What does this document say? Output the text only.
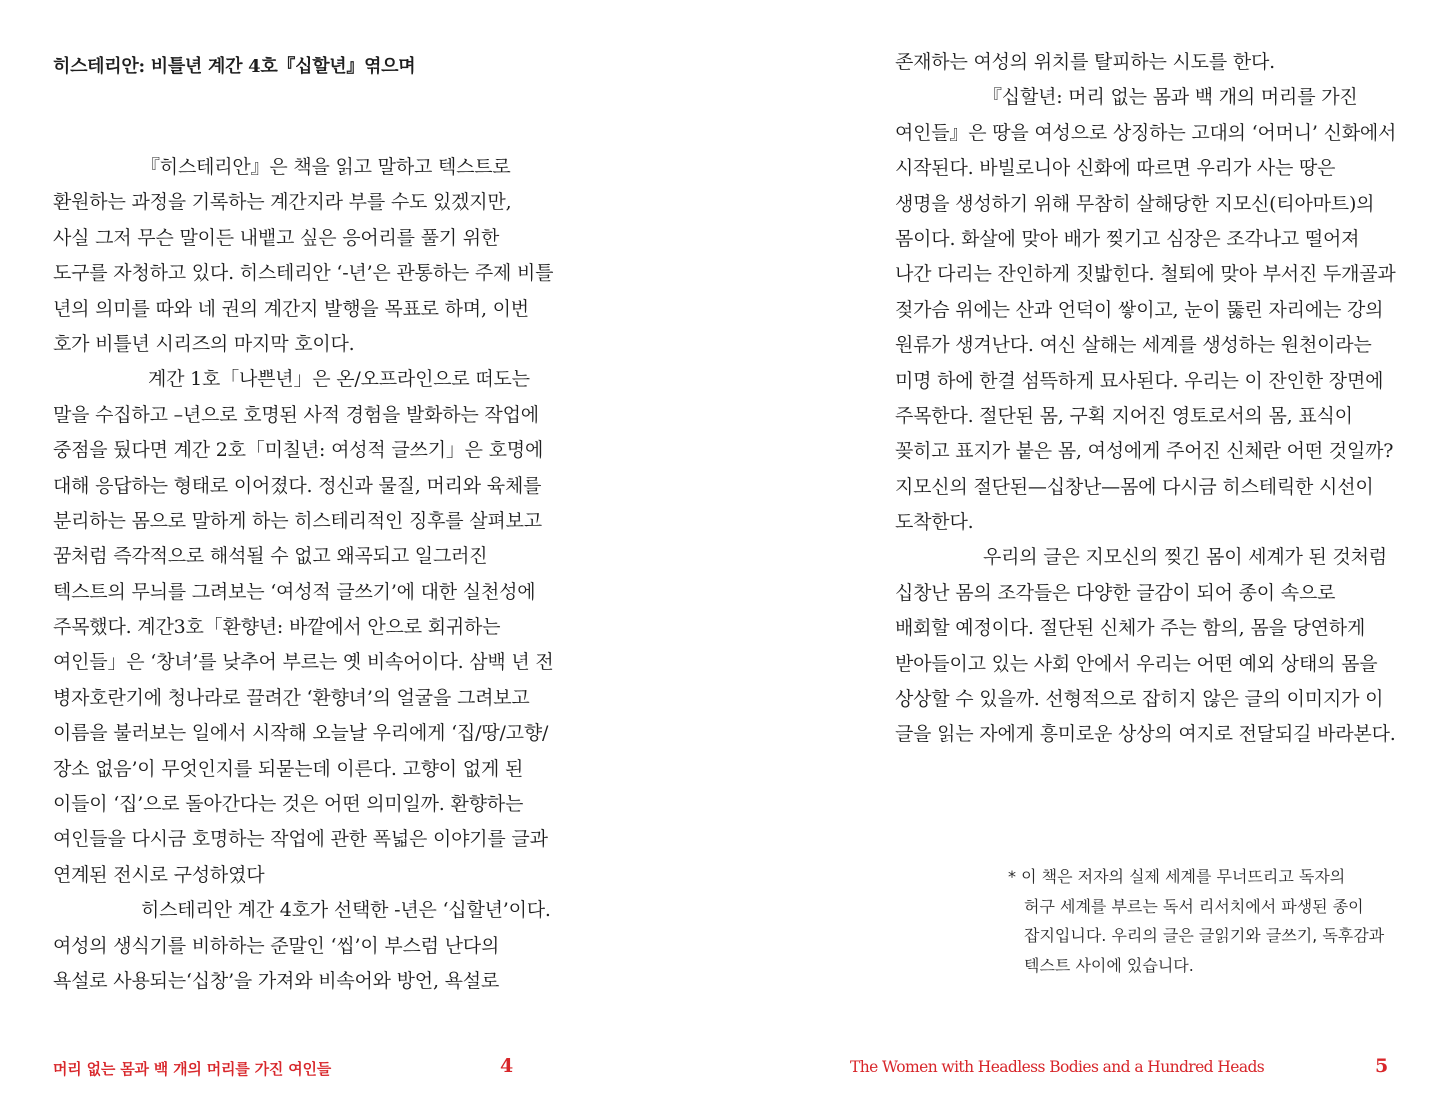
히스테리안: 비틀년 계간 4호『십할년』엮으며
『히스테리안』은 책을 읽고 말하고 텍스트로
환원하는 과정을 기록하는 계간지라 부를 수도 있겠지만,
사실 그저 무슨 말이든 내뱉고 싶은 응어리를 풀기 위한
도구를 자청하고 있다. 히스테리안 ‘-년’은 관통하는 주제 비틀
년의 의미를 따와 네 권의 계간지 발행을 목표로 하며, 이번
호가 비틀년 시리즈의 마지막 호이다.
계간 1호「나쁜년」은 온/오프라인으로 떠도는
말을 수집하고 –년으로 호명된 사적 경험을 발화하는 작업에
중점을 뒀다면 계간 2호「미칠년: 여성적 글쓰기」은 호명에
대해 응답하는 형태로 이어졌다. 정신과 물질, 머리와 육체를
분리하는 몸으로 말하게 하는 히스테리적인 징후를 살펴보고
꿈처럼 즉각적으로 해석될 수 없고 왜곡되고 일그러진
텍스트의 무늬를 그려보는 ‘여성적 글쓰기’에 대한 실천성에
주목했다. 계간3호「환향년: 바깥에서 안으로 회귀하는
여인들」은 ‘창녀’를 낮추어 부르는 옛 비속어이다. 삼백 년 전
병자호란기에 청나라로 끌려간 ‘환향녀’의 얼굴을 그려보고
이름을 불러보는 일에서 시작해 오늘날 우리에게 ‘집/땅/고향/
장소 없음’이 무엇인지를 되묻는데 이른다. 고향이 없게 된
이들이 ‘집’으로 돌아간다는 것은 어떤 의미일까. 환향하는
여인들을 다시금 호명하는 작업에 관한 폭넓은 이야기를 글과
연계된 전시로 구성하였다
히스테리안 계간 4호가 선택한 -년은 ‘십할년’이다.
여성의 생식기를 비하하는 준말인 ‘씹’이 부스럼 난다의
욕설로 사용되는‘십창’을 가져와 비속어와 방언, 욕설로
머리 없는 몸과 백 개의 머리를 가진 여인들	4
존재하는 여성의 위치를 탈피하는 시도를 한다.
『십할년: 머리 없는 몸과 백 개의 머리를 가진
여인들』은 땅을 여성으로 상징하는 고대의 ‘어머니’ 신화에서
시작된다. 바빌로니아 신화에 따르면 우리가 사는 땅은
생명을 생성하기 위해 무참히 살해당한 지모신(티아마트)의
몸이다. 화살에 맞아 배가 찢기고 심장은 조각나고 떨어져
나간 다리는 잔인하게 짓밟힌다. 철퇴에 맞아 부서진 두개골과
젖가슴 위에는 산과 언덕이 쌓이고, 눈이 뚫린 자리에는 강의
원류가 생겨난다. 여신 살해는 세계를 생성하는 원천이라는
미명 하에 한결 섬뜩하게 묘사된다. 우리는 이 잔인한 장면에
주목한다. 절단된 몸, 구획 지어진 영토로서의 몸, 표식이
꽂히고 표지가 붙은 몸, 여성에게 주어진 신체란 어떤 것일까?
지모신의 절단된—십창난—몸에 다시금 히스테릭한 시선이
도착한다.
우리의 글은 지모신의 찢긴 몸이 세계가 된 것처럼
십창난 몸의 조각들은 다양한 글감이 되어 종이 속으로
배회할 예정이다. 절단된 신체가 주는 함의, 몸을 당연하게
받아들이고 있는 사회 안에서 우리는 어떤 예외 상태의 몸을
상상할 수 있을까. 선형적으로 잡히지 않은 글의 이미지가 이
글을 읽는 자에게 흥미로운 상상의 여지로 전달되길 바라본다.
* 이 책은 저자의 실제 세계를 무너뜨리고 독자의
허구 세계를 부르는 독서 리서치에서 파생된 종이
잡지입니다. 우리의 글은 글읽기와 글쓰기, 독후감과
텍스트 사이에 있습니다.
The Women with Headless Bodies and a Hundred Heads	5
